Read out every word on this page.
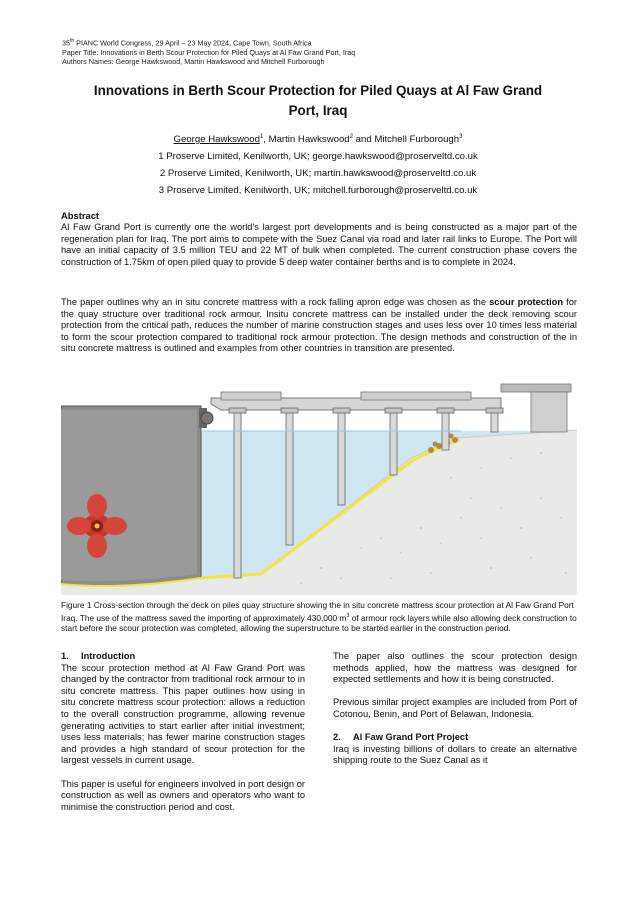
35th PIANC World Congress, 29 April – 23 May 2024, Cape Town, South Africa
Paper Title: Innovations in Berth Scour Protection for Piled Quays at Al Faw Grand Port, Iraq
Authors Names: George Hawkswood, Martin Hawkswood and Mitchell Furborough
Innovations in Berth Scour Protection for Piled Quays at Al Faw Grand
Port, Iraq
George Hawkswood$^1$, Martin Hawkswood$^2$ and Mitchell Furborough$^3$
1 Proserve Limited, Kenilworth, UK; george.hawkswood@proserveltd.co.uk
2 Proserve Limited, Kenilworth, UK; martin.hawkswood@proserveltd.co.uk
3 Proserve Limited, Kenilworth, UK; mitchell.furborough@proserveltd.co.uk
Abstract
Al Faw Grand Port is currently one the world's largest port developments and is being constructed as a major part of the regeneration plan for Iraq. The port aims to compete with the Suez Canal via road and later rail links to Europe. The Port will have an initial capacity of 3.5 million TEU and 22 MT of bulk when completed. The current construction phase covers the construction of 1.75km of open piled quay to provide 5 deep water container berths and is to complete in 2024.
The paper outlines why an in situ concrete mattress with a rock falling apron edge was chosen as the scour protection for the quay structure over traditional rock armour. Insitu concrete mattress can be installed under the deck removing scour protection from the critical path, reduces the number of marine construction stages and uses less over 10 times less material to form the scour protection compared to traditional rock armour protection. The design methods and construction of the in situ concrete mattress is outlined and examples from other countries in transition are presented.
Figure 1 Cross-section through the deck on piles quay structure showing the in situ concrete mattress scour protection at Al Faw Grand Port Iraq. The use of the mattress saved the importing of approximately 430,000 $m^3$ of armour rock layers while also allowing deck construction to start before the scour protection was completed, allowing the superstructure to be started earlier in the construction period.
1. Introduction
The scour protection method at Al Faw Grand Port was changed by the contractor from traditional rock armour to in situ concrete mattress. This paper outlines how using in situ concrete mattress scour protection: allows a reduction to the overall construction programme, allowing revenue generating activities to start earlier after initial investment; uses less materials; has fewer marine construction stages and provides a high standard of scour protection for the largest vessels in current usage.
This paper is useful for engineers involved in port design or construction as well as owners and operators who want to minimise the construction period and cost.
The paper also outlines the scour protection design methods applied, how the mattress was designed for expected settlements and how it is being constructed.
Previous similar project examples are included from Port of Cotonou, Benin, and Port of Belawan, Indonesia.
2. Al Faw Grand Port Project
Iraq is investing billions of dollars to create an alternative shipping route to the Suez Canal as it
